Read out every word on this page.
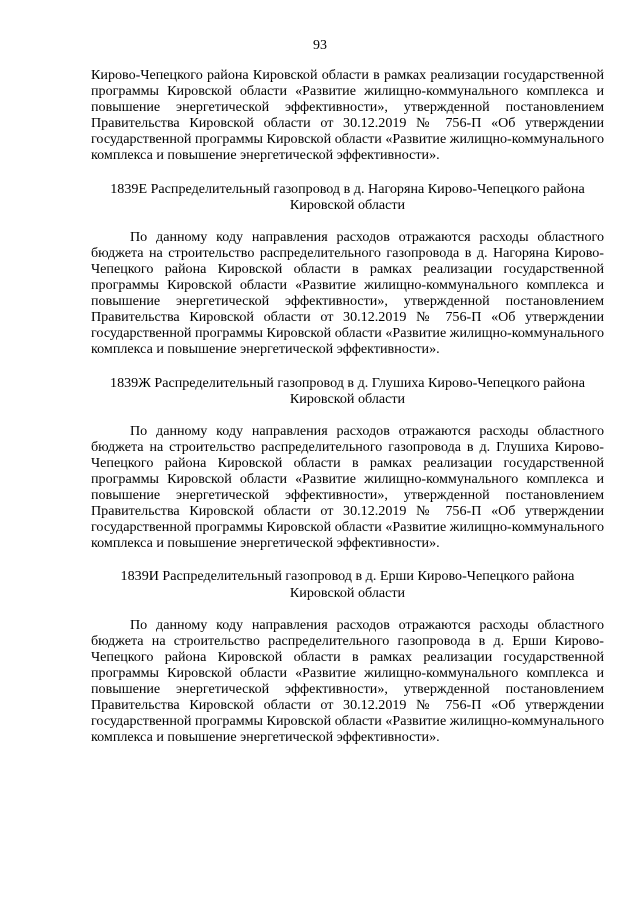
93

Кирово-Чепецкого района Кировской области в рамках реализации государственной программы Кировской области «Развитие жилищно-коммунального комплекса и повышение энергетической эффективности», утвержденной постановлением Правительства Кировской области от 30.12.2019 № 756-П «Об утверждении государственной программы Кировской области «Развитие жилищно-коммунального комплекса и повышение энергетической эффективности».

1839Е Распределительный газопровод в д. Нагоряна Кирово-Чепецкого района Кировской области

По данному коду направления расходов отражаются расходы областного бюджета на строительство распределительного газопровода в д. Нагоряна Кирово-Чепецкого района Кировской области в рамках реализации государственной программы Кировской области «Развитие жилищно-коммунального комплекса и повышение энергетической эффективности», утвержденной постановлением Правительства Кировской области от 30.12.2019 № 756-П «Об утверждении государственной программы Кировской области «Развитие жилищно-коммунального комплекса и повышение энергетической эффективности».

1839Ж Распределительный газопровод в д. Глушиха Кирово-Чепецкого района Кировской области

По данному коду направления расходов отражаются расходы областного бюджета на строительство распределительного газопровода в д. Глушиха Кирово-Чепецкого района Кировской области в рамках реализации государственной программы Кировской области «Развитие жилищно-коммунального комплекса и повышение энергетической эффективности», утвержденной постановлением Правительства Кировской области от 30.12.2019 № 756-П «Об утверждении государственной программы Кировской области «Развитие жилищно-коммунального комплекса и повышение энергетической эффективности».

1839И Распределительный газопровод в д. Ерши Кирово-Чепецкого района Кировской области

По данному коду направления расходов отражаются расходы областного бюджета на строительство распределительного газопровода в д. Ерши Кирово-Чепецкого района Кировской области в рамках реализации государственной программы Кировской области «Развитие жилищно-коммунального комплекса и повышение энергетической эффективности», утвержденной постановлением Правительства Кировской области от 30.12.2019 № 756-П «Об утверждении государственной программы Кировской области «Развитие жилищно-коммунального комплекса и повышение энергетической эффективности».
